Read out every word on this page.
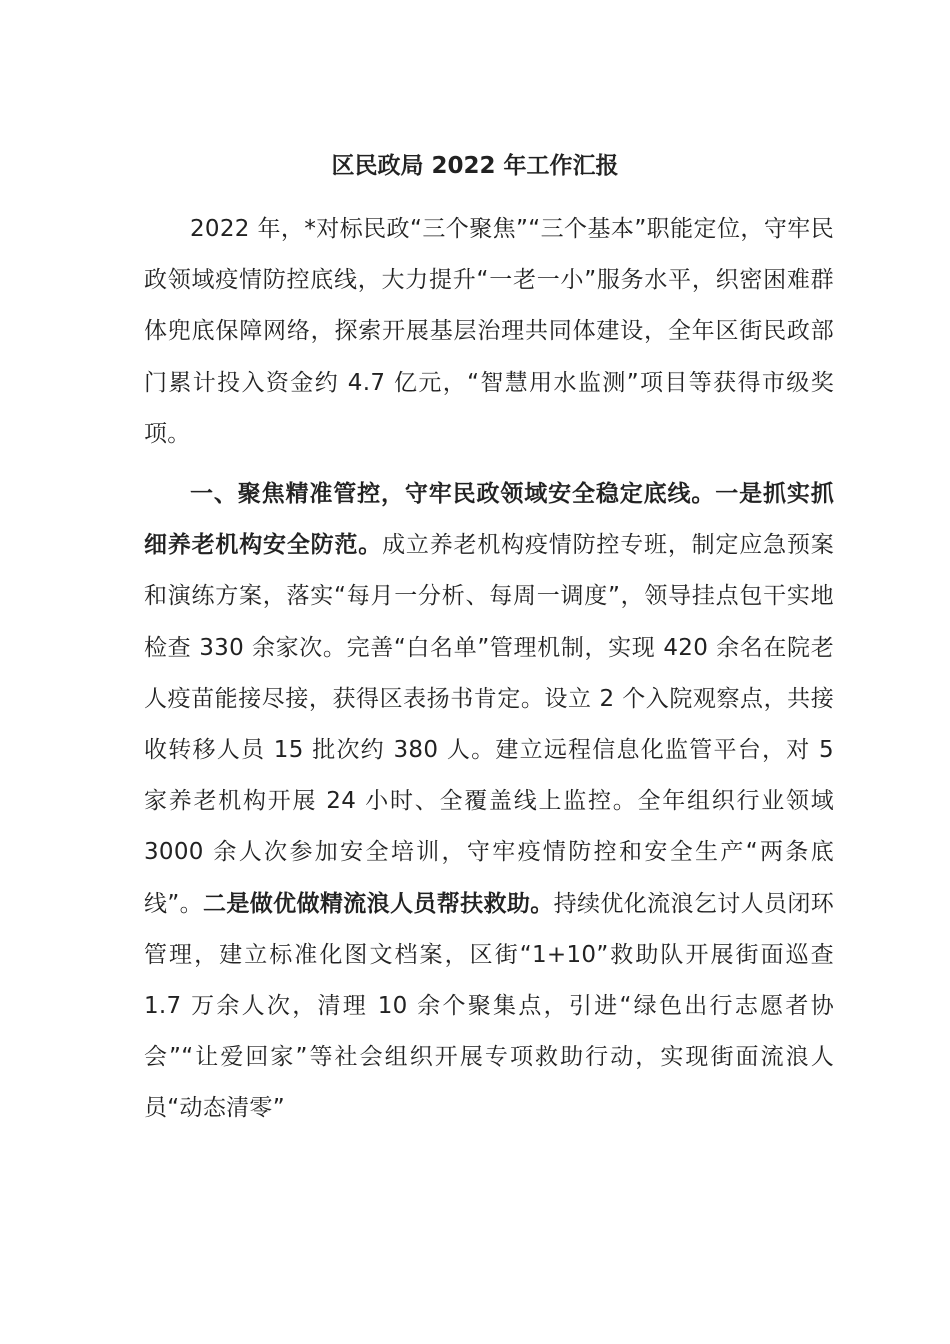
区民政局 2022 年工作汇报

2022 年，*对标民政“三个聚焦”“三个基本”职能定位，守牢民政领域疫情防控底线，大力提升“一老一小”服务水平，织密困难群体兜底保障网络，探索开展基层治理共同体建设，全年区街民政部门累计投入资金约 4.7 亿元，“智慧用水监测”项目等获得市级奖项。

一、聚焦精准管控，守牢民政领域安全稳定底线。一是抓实抓细养老机构安全防范。成立养老机构疫情防控专班，制定应急预案和演练方案，落实“每月一分析、每周一调度”，领导挂点包干实地检查 330 余家次。完善“白名单”管理机制，实现 420 余名在院老人疫苗能接尽接，获得区表扬书肯定。设立 2 个入院观察点，共接收转移人员 15 批次约 380 人。建立远程信息化监管平台，对 5 家养老机构开展 24 小时、全覆盖线上监控。全年组织行业领域 3000 余人次参加安全培训，守牢疫情防控和安全生产“两条底线”。二是做优做精流浪人员帮扶救助。持续优化流浪乞讨人员闭环管理，建立标准化图文档案，区街“1+10”救助队开展街面巡查 1.7 万余人次，清理 10 余个聚集点，引进“绿色出行志愿者协会”“让爱回家”等社会组织开展专项救助行动，实现街面流浪人员“动态清零”
